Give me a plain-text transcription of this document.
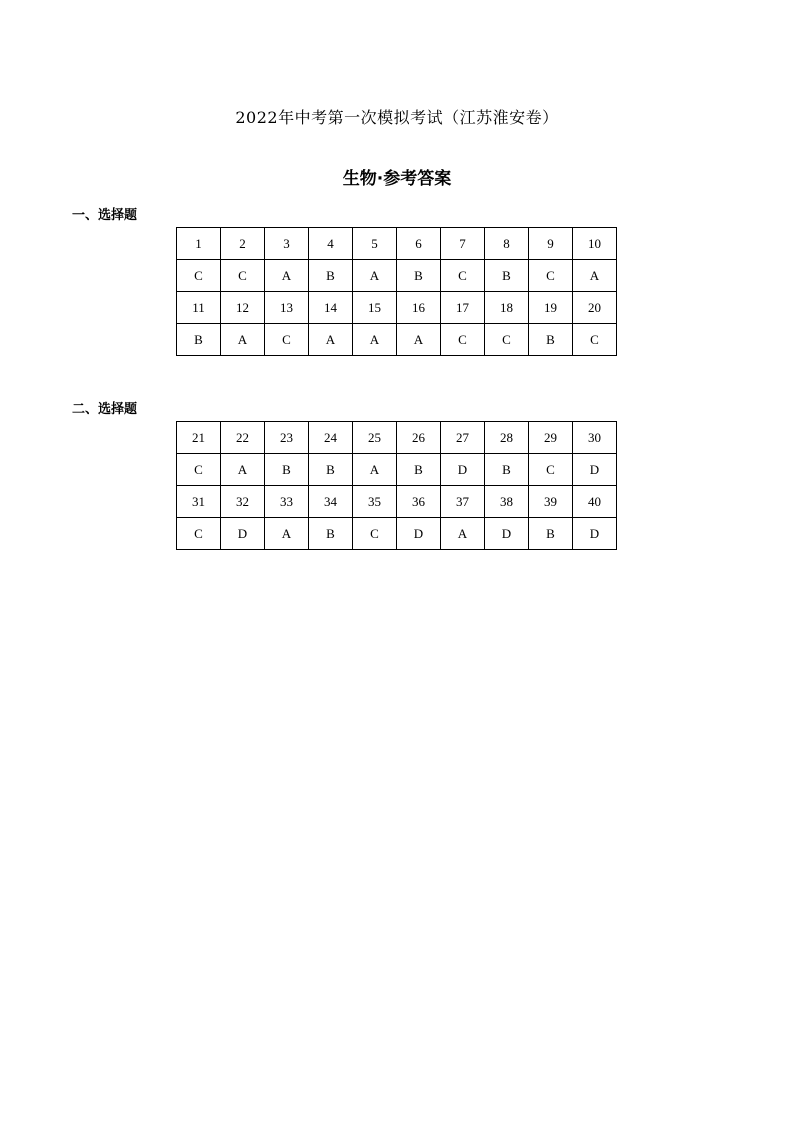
2022年中考第一次模拟考试（江苏淮安卷）
生物·参考答案
一、选择题
1	2	3	4	5	6	7	8	9	10
C	C	A	B	A	B	C	B	C	A
11	12	13	14	15	16	17	18	19	20
B	A	C	A	A	A	C	C	B	C
二、选择题
21	22	23	24	25	26	27	28	29	30
C	A	B	B	A	B	D	B	C	D
31	32	33	34	35	36	37	38	39	40
C	D	A	B	C	D	A	D	B	D
